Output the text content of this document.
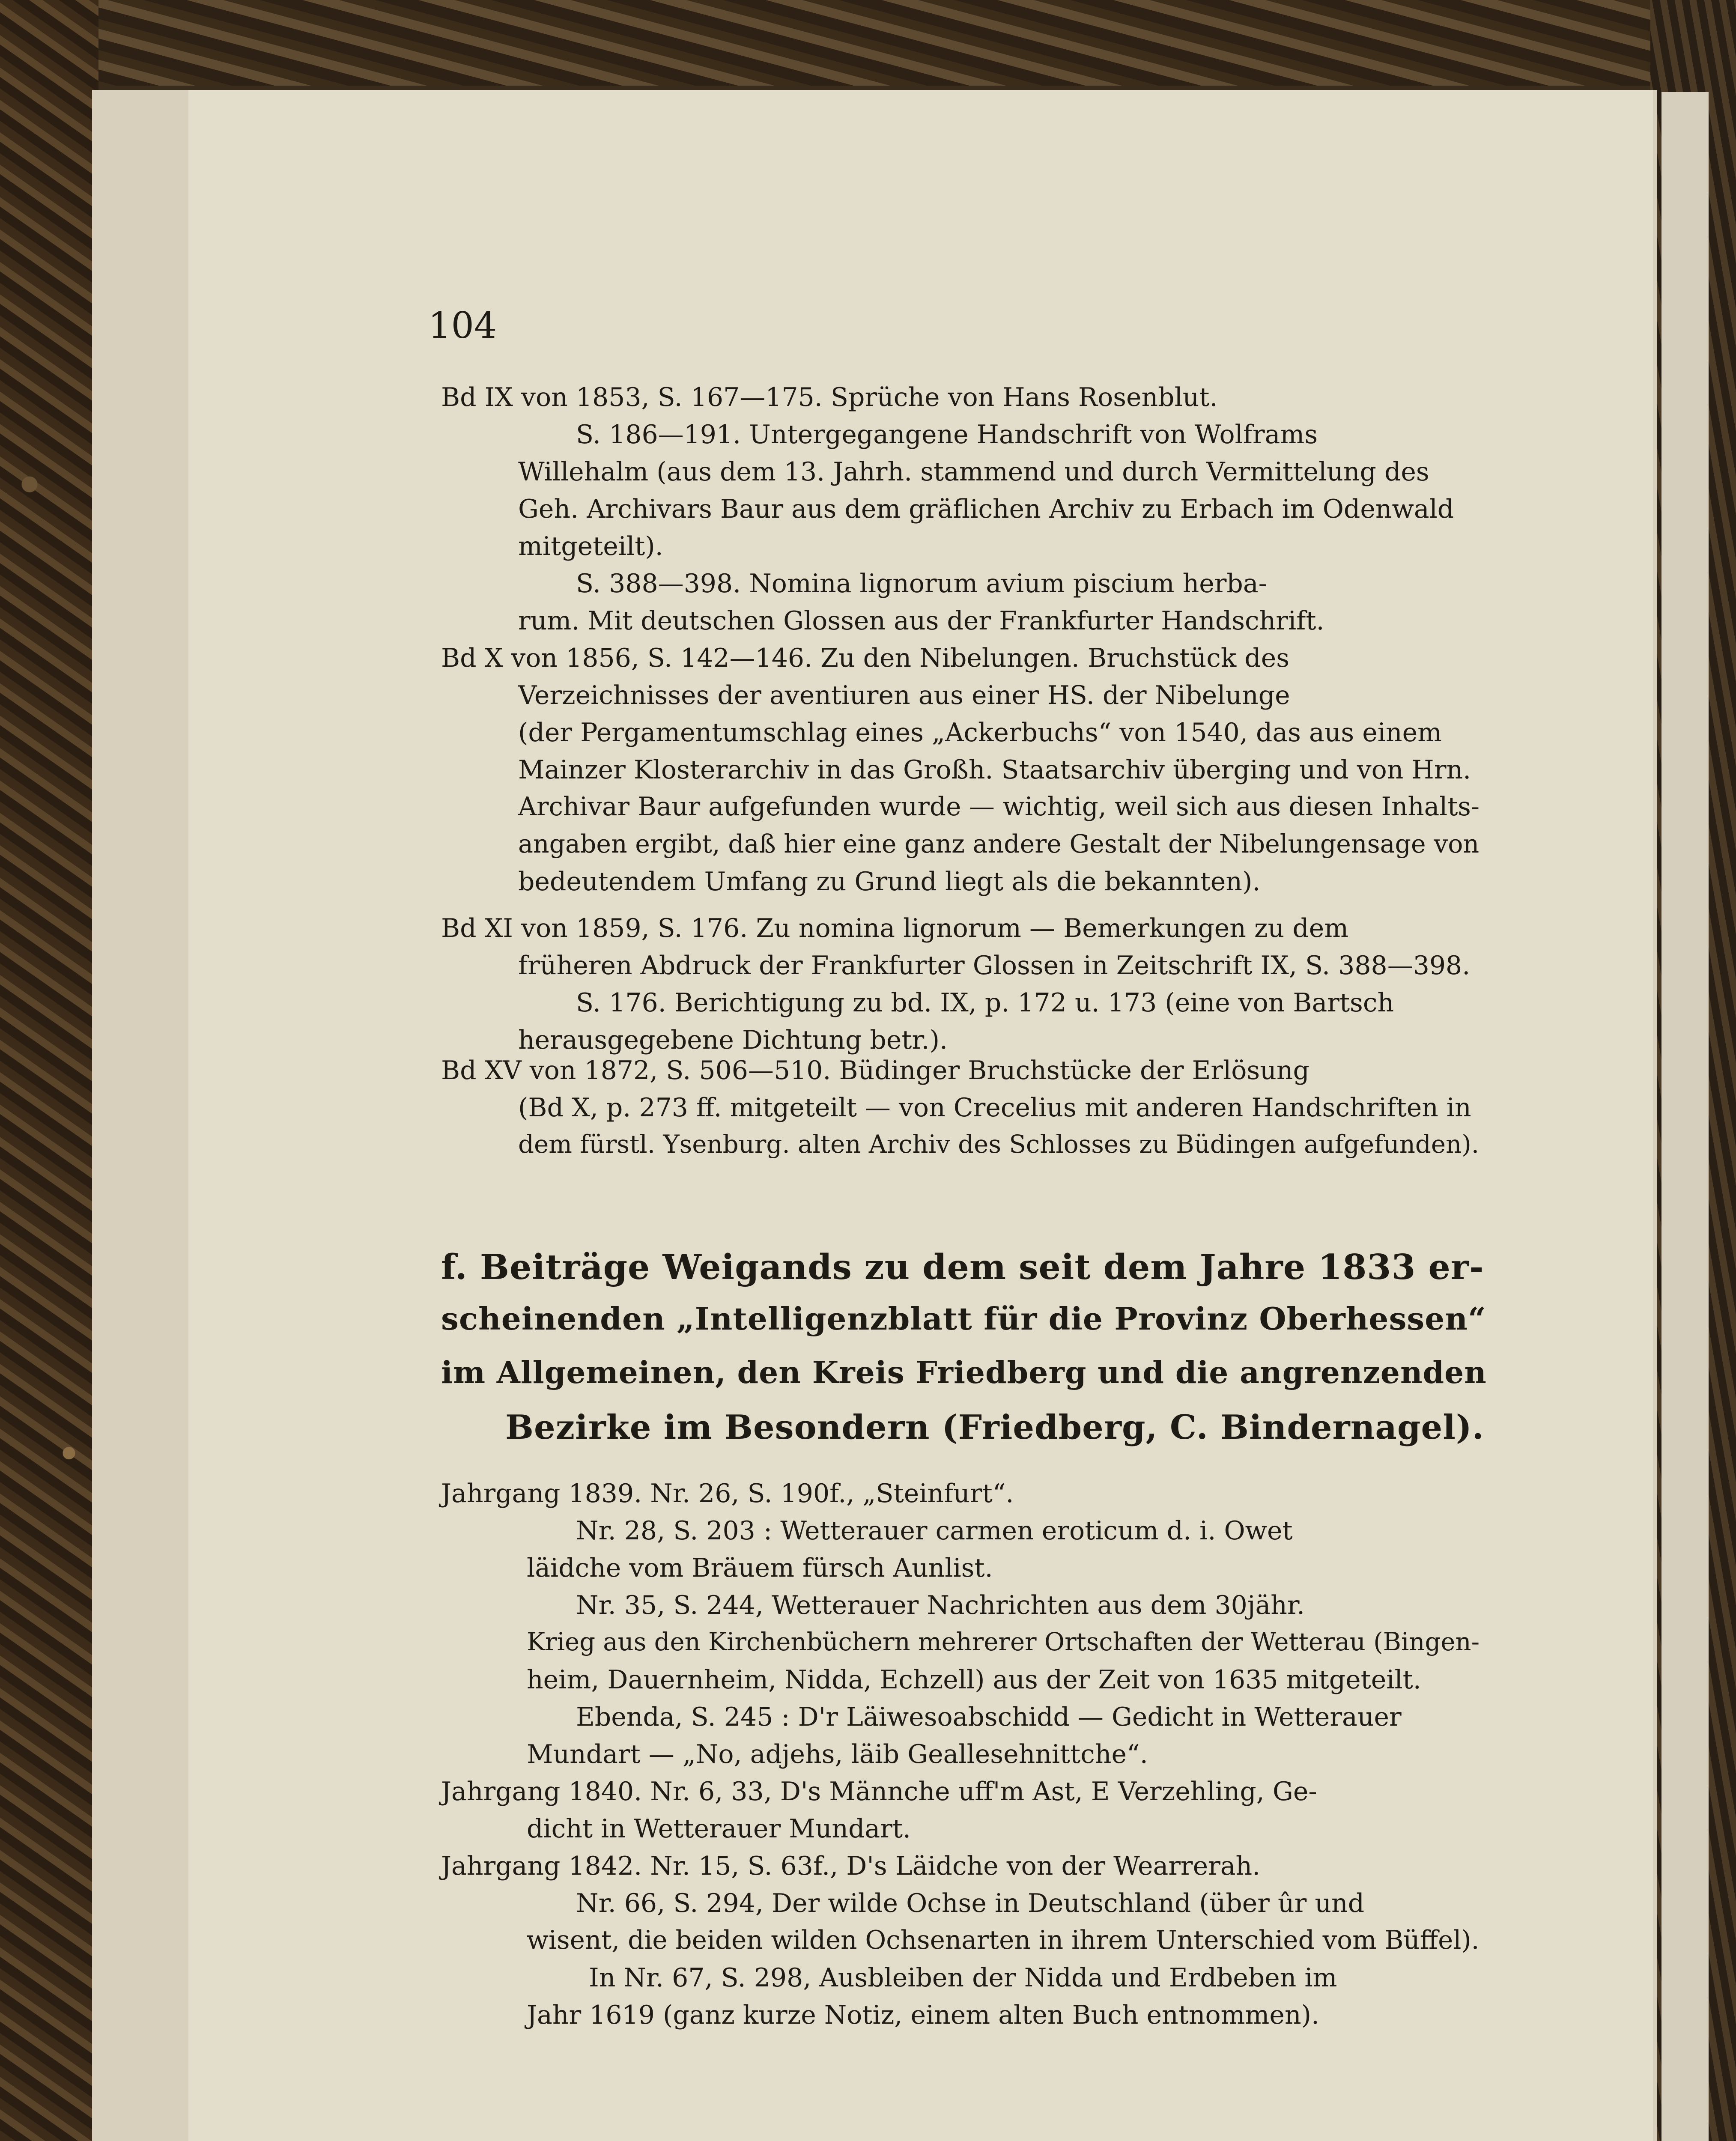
104
Bd IX von 1853, S. 167—175. Sprüche von Hans Rosenblut.
S. 186—191. Untergegangene Handschrift von Wolframs
Willehalm (aus dem 13. Jahrh. stammend und durch Vermittelung des
Geh. Archivars Baur aus dem gräflichen Archiv zu Erbach im Odenwald
mitgeteilt).
S. 388—398. Nomina lignorum avium piscium herba-
rum. Mit deutschen Glossen aus der Frankfurter Handschrift.
Bd X von 1856, S. 142—146. Zu den Nibelungen. Bruchstück des
Verzeichnisses der aventiuren aus einer HS. der Nibelunge
(der Pergamentumschlag eines „Ackerbuchs“ von 1540, das aus einem
Mainzer Klosterarchiv in das Großh. Staatsarchiv überging und von Hrn.
Archivar Baur aufgefunden wurde — wichtig, weil sich aus diesen Inhalts-
angaben ergibt, daß hier eine ganz andere Gestalt der Nibelungensage von
bedeutendem Umfang zu Grund liegt als die bekannten).
Bd XI von 1859, S. 176. Zu nomina lignorum — Bemerkungen zu dem
früheren Abdruck der Frankfurter Glossen in Zeitschrift IX, S. 388—398.
S. 176. Berichtigung zu bd. IX, p. 172 u. 173 (eine von Bartsch
herausgegebene Dichtung betr.).
Bd XV von 1872, S. 506—510. Büdinger Bruchstücke der Erlösung
(Bd X, p. 273 ff. mitgeteilt — von Crecelius mit anderen Handschriften in
dem fürstl. Ysenburg. alten Archiv des Schlosses zu Büdingen aufgefunden).
f. Beiträge Weigands zu dem seit dem Jahre 1833 er-
scheinenden „Intelligenzblatt für die Provinz Oberhessen“
im Allgemeinen, den Kreis Friedberg und die angrenzenden
Bezirke im Besondern (Friedberg, C. Bindernagel).
Jahrgang 1839. Nr. 26, S. 190f., „Steinfurt“.
Nr. 28, S. 203 : Wetterauer carmen eroticum d. i. Owet
läidche vom Bräuem fürsch Aunlist.
Nr. 35, S. 244, Wetterauer Nachrichten aus dem 30jähr.
Krieg aus den Kirchenbüchern mehrerer Ortschaften der Wetterau (Bingen-
heim, Dauernheim, Nidda, Echzell) aus der Zeit von 1635 mitgeteilt.
Ebenda, S. 245 : D'r Läiwesoabschidd — Gedicht in Wetterauer
Mundart — „No, adjehs, läib Geallesehnittche“.
Jahrgang 1840. Nr. 6, 33, D's Männche uff'm Ast, E Verzehling, Ge-
dicht in Wetterauer Mundart.
Jahrgang 1842. Nr. 15, S. 63f., D's Läidche von der Wearrerah.
Nr. 66, S. 294, Der wilde Ochse in Deutschland (über ûr und
wisent, die beiden wilden Ochsenarten in ihrem Unterschied vom Büffel).
In Nr. 67, S. 298, Ausbleiben der Nidda und Erdbeben im
Jahr 1619 (ganz kurze Notiz, einem alten Buch entnommen).
